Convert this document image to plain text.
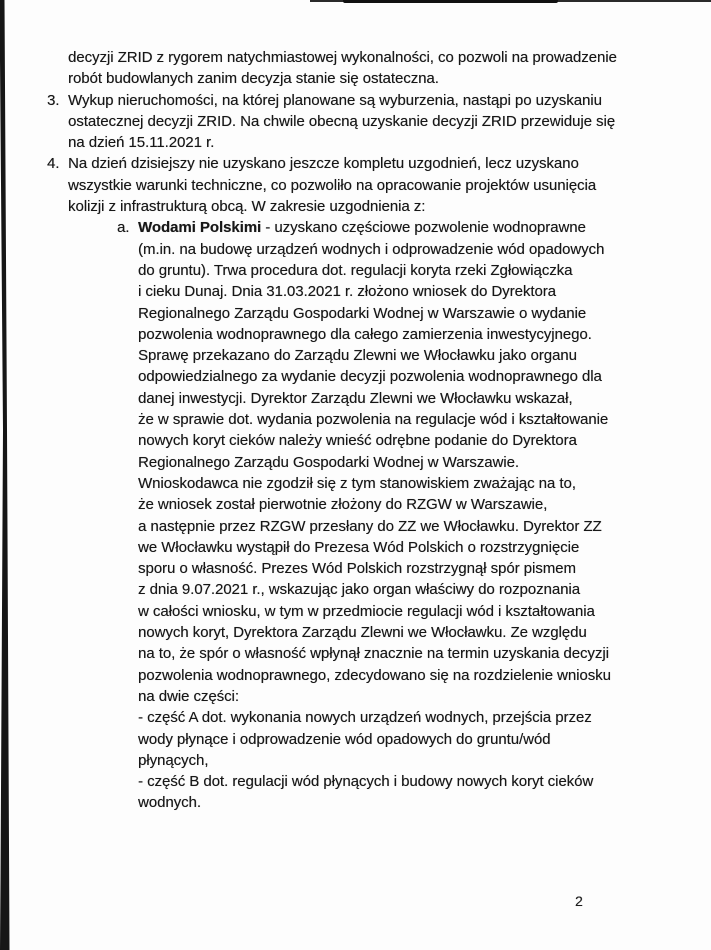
decyzji ZRID z rygorem natychmiastowej wykonalności, co pozwoli na prowadzenie
robót budowlanych zanim decyzja stanie się ostateczna.
3. Wykup nieruchomości, na której planowane są wyburzenia, nastąpi po uzyskaniu
ostatecznej decyzji ZRID. Na chwile obecną uzyskanie decyzji ZRID przewiduje się
na dzień 15.11.2021 r.
4. Na dzień dzisiejszy nie uzyskano jeszcze kompletu uzgodnień, lecz uzyskano
wszystkie warunki techniczne, co pozwoliło na opracowanie projektów usunięcia
kolizji z infrastrukturą obcą. W zakresie uzgodnienia z:
a. Wodami Polskimi - uzyskano częściowe pozwolenie wodnoprawne
(m.in. na budowę urządzeń wodnych i odprowadzenie wód opadowych
do gruntu). Trwa procedura dot. regulacji koryta rzeki Zgłowiączka
i cieku Dunaj. Dnia 31.03.2021 r. złożono wniosek do Dyrektora
Regionalnego Zarządu Gospodarki Wodnej w Warszawie o wydanie
pozwolenia wodnoprawnego dla całego zamierzenia inwestycyjnego.
Sprawę przekazano do Zarządu Zlewni we Włocławku jako organu
odpowiedzialnego za wydanie decyzji pozwolenia wodnoprawnego dla
danej inwestycji. Dyrektor Zarządu Zlewni we Włocławku wskazał,
że w sprawie dot. wydania pozwolenia na regulacje wód i kształtowanie
nowych koryt cieków należy wnieść odrębne podanie do Dyrektora
Regionalnego Zarządu Gospodarki Wodnej w Warszawie.
Wnioskodawca nie zgodził się z tym stanowiskiem zważając na to,
że wniosek został pierwotnie złożony do RZGW w Warszawie,
a następnie przez RZGW przesłany do ZZ we Włocławku. Dyrektor ZZ
we Włocławku wystąpił do Prezesa Wód Polskich o rozstrzygnięcie
sporu o własność. Prezes Wód Polskich rozstrzygnął spór pismem
z dnia 9.07.2021 r., wskazując jako organ właściwy do rozpoznania
w całości wniosku, w tym w przedmiocie regulacji wód i kształtowania
nowych koryt, Dyrektora Zarządu Zlewni we Włocławku. Ze względu
na to, że spór o własność wpłynął znacznie na termin uzyskania decyzji
pozwolenia wodnoprawnego, zdecydowano się na rozdzielenie wniosku
na dwie części:
- część A dot. wykonania nowych urządzeń wodnych, przejścia przez
wody płynące i odprowadzenie wód opadowych do gruntu/wód
płynących,
- część B dot. regulacji wód płynących i budowy nowych koryt cieków
wodnych.
2
